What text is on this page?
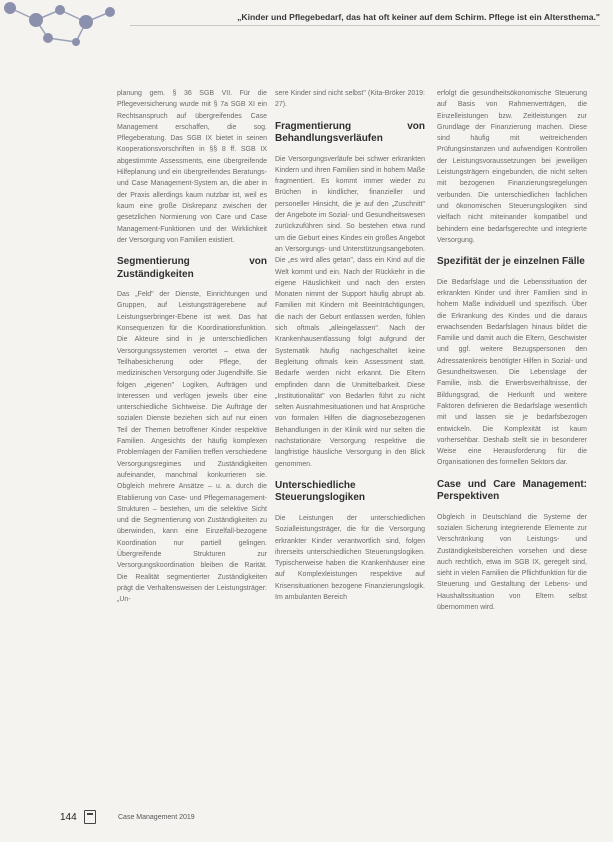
„Kinder und Pflegebedarf, das hat oft keiner auf dem Schirm. Pflege ist ein Altersthema."

planung gem. § 36 SGB VII. Für die Pflegeversicherung wurde mit § 7a SGB XI ein Rechtsanspruch auf übergreifendes Case Management erschaffen, die sog. Pflegeberatung. Das SGB IX bietet in seinen Kooperationsvorschriften in §§ 8 ff. SGB IX abgestimmte Assessments, eine übergreifende Hilfeplanung und ein übergreifendes Beratungs- und Case Management-System an, die aber in der Praxis allerdings kaum nutzbar ist, weil es kaum eine große Diskrepanz zwischen der gesetzlichen Normierung von Care und Case Management-Funktionen und der Wirklichkeit der Versorgung von Familien existiert.

Segmentierung von Zuständigkeiten

Das „Feld" der Dienste, Einrichtungen und Gruppen, auf Leistungsträgerebene auf Leistungserbringer-Ebene ist weit. Das hat Konsequenzen für die Koordinationsfunktion. Die Akteure sind in je unterschiedlichen Versorgungssystemen verortet – etwa der Teilhabesicherung oder Pflege, der medizinischen Versorgung oder Jugendhilfe. Sie folgen „eigenen" Logiken, Aufträgen und Interessen und verfügen jeweils über eine unterschiedliche Sichtweise. Die Aufträge der sozialen Dienste beziehen sich auf nur einen Teil der Themen betroffener Kinder respektive Familien. Angesichts der häufig komplexen Problemlagen der Familien treffen verschiedene Versorgungsregimes und Zuständigkeiten aufeinander, manchmal konkurrieren sie. Obgleich mehrere Ansätze – u. a. durch die Etablierung von Case- und Pflegemanagement-Strukturen – bestehen, um die selektive Sicht und die Segmentierung von Zuständigkeiten zu überwinden, kann eine Einzelfall-bezogene Koordination nur partiell gelingen. Übergreifende Strukturen zur Versorgungskoordination bleiben die Rarität. Die Realität segmentierter Zuständigkeiten prägt die Verhaltensweisen der Leistungsträger: „Un-

sere Kinder sind nicht selbst" (Kita-Bröker 2019: 27).

Fragmentierung von Behandlungsverläufen

Die Versorgungsverläufe bei schwer erkrankten Kindern und ihren Familien sind in hohem Maße fragmentiert. Es kommt immer wieder zu Brüchen in kindlicher, finanzieller und personeller Hinsicht, die je auf den „Zuschnitt" der Angebote im Sozial- und Gesundheitswesen zurückzuführen sind. So bestehen etwa rund um die Geburt eines Kindes ein großes Angebot an Versorgungs- und Unterstützungsangeboten. Die „es wird alles getan", dass ein Kind auf die Welt kommt und ein. Nach der Rückkehr in die eigene Häuslichkeit und nach den ersten Monaten nimmt der Support häufig abrupt ab. Familien mit Kindern mit Beeinträchtigungen, die nach der Geburt entlassen werden, fühlen sich oftmals „alleingelassen". Nach der Krankenhausentlassung folgt aufgrund der Systematik häufig nachgeschaltet keine Begleitung oftmals kein Assessment statt. Bedarfe werden nicht erkannt. Die Eltern empfinden dann die Unmittelbarkeit. Diese „Institutionalität" von Bedarfen führt zu nicht selten Ausnahmesituationen und hat Ansprüche von formalen Hilfen die diagnosebezogenen Behandlungen in der Klinik wird nur selten die nachstationäre Versorgung respektive die langfristige häusliche Versorgung in den Blick genommen.

Unterschiedliche Steuerungslogiken

Die Leistungen der unterschiedlichen Sozialleistungsträger, die für die Versorgung erkrankter Kinder verantwortlich sind, folgen ihrerseits unterschiedlichen Steuerungslogiken. Typischerweise haben die Krankenhäuser eine auf Komplexleistungen respektive auf Krisensituationen bezogene Finanzierungslogik. Im ambulanten Bereich

erfolgt die gesundheitsökonomische Steuerung auf Basis von Rahmenverträgen, die Einzelleistungen bzw. Zeitleistungen zur Grundlage der Finanzierung machen. Diese sind häufig mit weitreichenden Prüfungsinstanzen und aufwendigen Kontrollen der Leistungsvoraussetzungen bei jeweiligen Leistungsträgern eingebunden, die nicht selten mit bezogenen Finanzierungsregelungen verbunden. Die unterschiedlichen fachlichen und ökonomischen Steuerungslogiken sind vielfach nicht miteinander kompatibel und behindern eine bedarfsgerechte und integrierte Versorgung.

Spezifität der je einzelnen Fälle

Die Bedarfslage und die Lebenssituation der erkrankten Kinder und ihrer Familien sind in hohem Maße individuell und spezifisch. Über die Erkrankung des Kindes und die daraus erwachsenden Bedarfslagen hinaus bildet die Familie und damit auch die Eltern, Geschwister und ggf. weitere Bezugspersonen den Adressatenkreis benötigter Hilfen in Sozial- und Gesundheitswesen. Die Lebenslage der Familie, insb. die Erwerbsverhältnisse, der Bildungsgrad, die Herkunft und weitere Faktoren definieren die Bedarfslage wesentlich mit und lassen sie je bedarfsbezogen entwickeln. Die Komplexität ist kaum vorhersehbar. Deshalb stellt sie in besonderer Weise eine Herausforderung für die Organisationen des formellen Sektors dar.

Case und Care Management: Perspektiven

Obgleich in Deutschland die Systeme der sozialen Sicherung integrierende Elemente zur Verschränkung von Leistungs- und Zuständigkeitsbereichen vorsehen und diese auch rechtlich, etwa im SGB IX, geregelt sind, sieht in vielen Familien die Pflichtfunktion für die Steuerung und Gestaltung der Lebens- und Haushaltssituation von Eltern selbst übernommen wird.

144	Case Management 2019
